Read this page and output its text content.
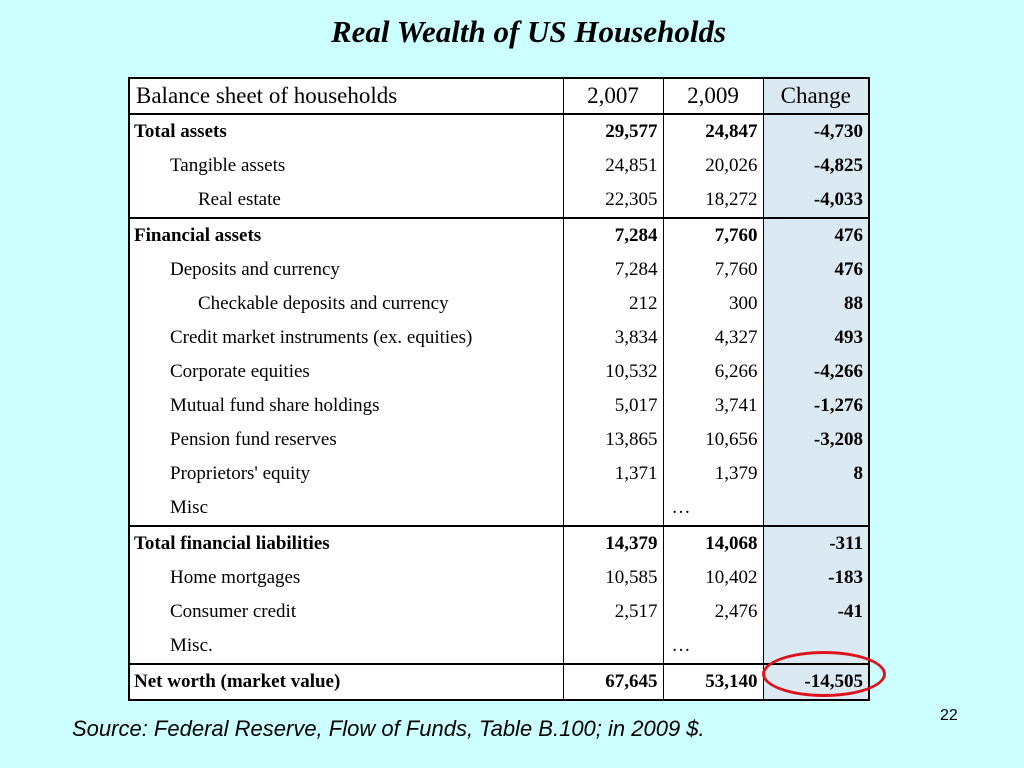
Real Wealth of US Households
Balance sheet of households	2,007	2,009	Change
Total assets	29,577	24,847	-4,730
Tangible assets	24,851	20,026	-4,825
Real estate	22,305	18,272	-4,033
Financial assets	7,284	7,760	476
Deposits and currency	7,284	7,760	476
Checkable deposits and currency	212	300	88
Credit market instruments (ex. equities)	3,834	4,327	493
Corporate equities	10,532	6,266	-4,266
Mutual fund share holdings	5,017	3,741	-1,276
Pension fund reserves	13,865	10,656	-3,208
Proprietors' equity	1,371	1,379	8
Misc		…	
Total financial liabilities	14,379	14,068	-311
Home mortgages	10,585	10,402	-183
Consumer credit	2,517	2,476	-41
Misc.		…	
Net worth (market value)	67,645	53,140	-14,505
Source: Federal Reserve, Flow of Funds, Table B.100; in 2009 $.
22
